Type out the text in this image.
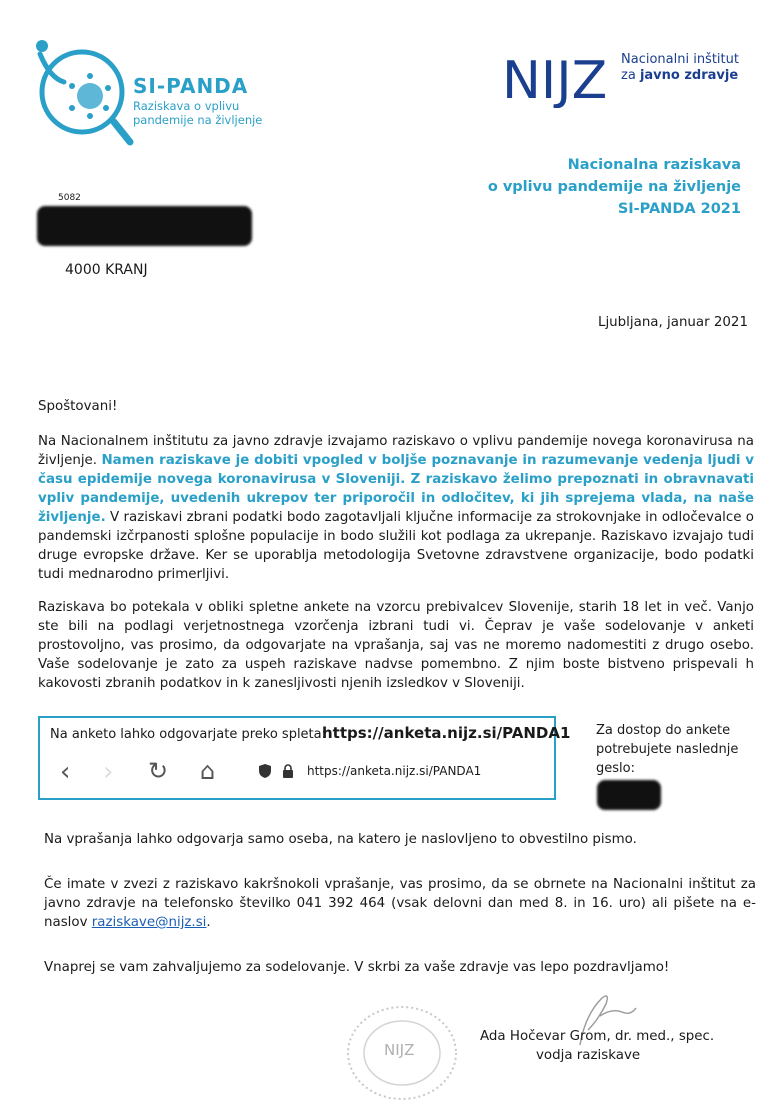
SI-PANDA
Raziskava o vplivu
pandemije na življenje
NIJZ Nacionalni inštitut
za javno zdravje
Nacionalna raziskava
o vplivu pandemije na življenje
SI-PANDA 2021
5082
4000 KRANJ
Ljubljana, januar 2021
Spoštovani!
Na Nacionalnem inštitutu za javno zdravje izvajamo raziskavo o vplivu pandemije novega koronavirusa na življenje. Namen raziskave je dobiti vpogled v boljše poznavanje in razumevanje vedenja ljudi v času epidemije novega koronavirusa v Sloveniji. Z raziskavo želimo prepoznati in obravnavati vpliv pandemije, uvedenih ukrepov ter priporočil in odločitev, ki jih sprejema vlada, na naše življenje. V raziskavi zbrani podatki bodo zagotavljali ključne informacije za strokovnjake in odločevalce o pandemski izčrpanosti splošne populacije in bodo služili kot podlaga za ukrepanje. Raziskavo izvajajo tudi druge evropske države. Ker se uporablja metodologija Svetovne zdravstvene organizacije, bodo podatki tudi mednarodno primerljivi.
Raziskava bo potekala v obliki spletne ankete na vzorcu prebivalcev Slovenije, starih 18 let in več. Vanjo ste bili na podlagi verjetnostnega vzorčenja izbrani tudi vi. Čeprav je vaše sodelovanje v anketi prostovoljno, vas prosimo, da odgovarjate na vprašanja, saj vas ne moremo nadomestiti z drugo osebo. Vaše sodelovanje je zato za uspeh raziskave nadvse pomembno. Z njim boste bistveno prispevali h kakovosti zbranih podatkov in k zanesljivosti njenih izsledkov v Sloveniji.
Na anketo lahko odgovarjate preko spleta:
https://anketa.nijz.si/PANDA1
‹ › ↻ ⌂	https://anketa.nijz.si/PANDA1
Za dostop do ankete
potrebujete naslednje
geslo:
Na vprašanja lahko odgovarja samo oseba, na katero je naslovljeno to obvestilno pismo.
Če imate v zvezi z raziskavo kakršnokoli vprašanje, vas prosimo, da se obrnete na Nacionalni inštitut za javno zdravje na telefonsko številko 041 392 464 (vsak delovni dan med 8. in 16. uro) ali pišete na e-naslov raziskave@nijz.si.
Vnaprej se vam zahvaljujemo za sodelovanje. V skrbi za vaše zdravje vas lepo pozdravljamo!
NIJZ
Ada Hočevar Grom, dr. med., spec.
vodja raziskave
